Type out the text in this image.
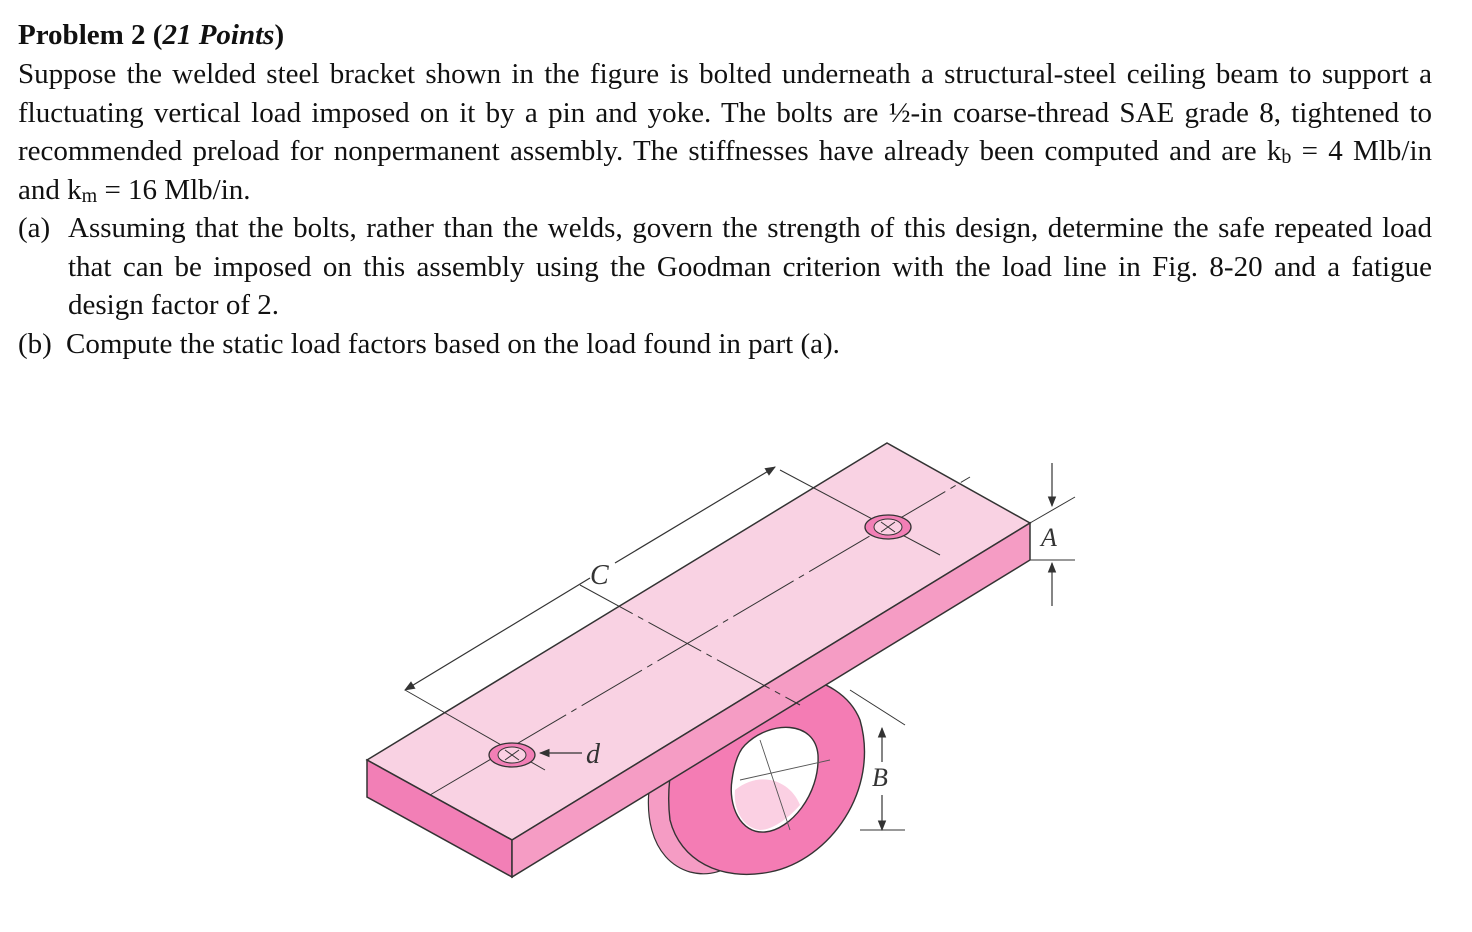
Problem 2 (21 Points)

Suppose the welded steel bracket shown in the figure is bolted underneath a structural-steel ceiling beam to support a fluctuating vertical load imposed on it by a pin and yoke. The bolts are ½-in coarse-thread SAE grade 8, tightened to recommended preload for nonpermanent assembly. The stiffnesses have already been computed and are $k_b = 4$ Mlb/in and $k_m = 16$ Mlb/in.

(a) Assuming that the bolts, rather than the welds, govern the strength of this design, determine the safe repeated load that can be imposed on this assembly using the Goodman criterion with the load line in Fig. 8-20 and a fatigue design factor of 2.
(b) Compute the static load factors based on the load found in part (a).
C
A
B
d
